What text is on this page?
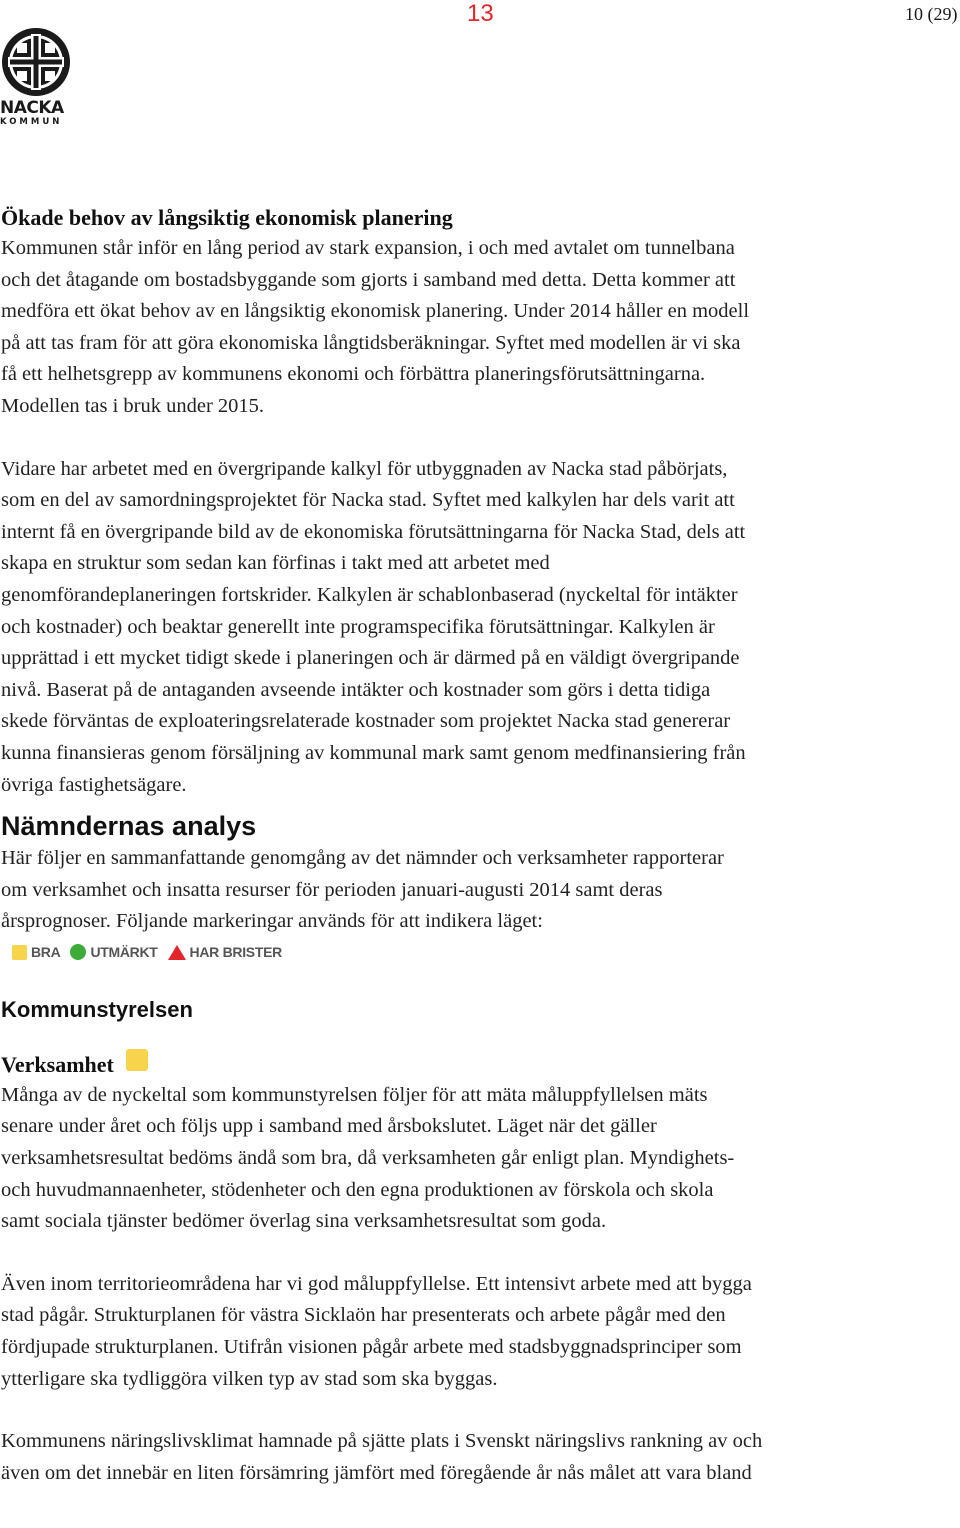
13	10 (29)
NACKA
KOMMUN
Ökade behov av långsiktig ekonomisk planering

Kommunen står inför en lång period av stark expansion, i och med avtalet om tunnelbana
och det åtagande om bostadsbyggande som gjorts i samband med detta. Detta kommer att
medföra ett ökat behov av en långsiktig ekonomisk planering. Under 2014 håller en modell
på att tas fram för att göra ekonomiska långtidsberäkningar. Syftet med modellen är vi ska
få ett helhetsgrepp av kommunens ekonomi och förbättra planeringsförutsättningarna.
Modellen tas i bruk under 2015.

Vidare har arbetet med en övergripande kalkyl för utbyggnaden av Nacka stad påbörjats,
som en del av samordningsprojektet för Nacka stad. Syftet med kalkylen har dels varit att
internt få en övergripande bild av de ekonomiska förutsättningarna för Nacka Stad, dels att
skapa en struktur som sedan kan förfinas i takt med att arbetet med
genomförandeplaneringen fortskrider. Kalkylen är schablonbaserad (nyckeltal för intäkter
och kostnader) och beaktar generellt inte programspecifika förutsättningar. Kalkylen är
upprättad i ett mycket tidigt skede i planeringen och är därmed på en väldigt övergripande
nivå. Baserat på de antaganden avseende intäkter och kostnader som görs i detta tidiga
skede förväntas de exploateringsrelaterade kostnader som projektet Nacka stad genererar
kunna finansieras genom försäljning av kommunal mark samt genom medfinansiering från
övriga fastighetsägare.

Nämndernas analys

Här följer en sammanfattande genomgång av det nämnder och verksamheter rapporterar
om verksamhet och insatta resurser för perioden januari-augusti 2014 samt deras
årsprognoser. Följande markeringar används för att indikera läget:

BRA UTMÄRKT HAR BRISTER
Kommunstyrelsen
Verksamhet

Många av de nyckeltal som kommunstyrelsen följer för att mäta måluppfyllelsen mäts
senare under året och följs upp i samband med årsbokslutet. Läget när det gäller
verksamhetsresultat bedöms ändå som bra, då verksamheten går enligt plan. Myndighets-
och huvudmannaenheter, stödenheter och den egna produktionen av förskola och skola
samt sociala tjänster bedömer överlag sina verksamhetsresultat som goda.

Även inom territorieområdena har vi god måluppfyllelse. Ett intensivt arbete med att bygga
stad pågår. Strukturplanen för västra Sicklaön har presenterats och arbete pågår med den
fördjupade strukturplanen. Utifrån visionen pågår arbete med stadsbyggnadsprinciper som
ytterligare ska tydliggöra vilken typ av stad som ska byggas.

Kommunens näringslivsklimat hamnade på sjätte plats i Svenskt näringslivs rankning av och
även om det innebär en liten försämring jämfört med föregående år nås målet att vara bland
